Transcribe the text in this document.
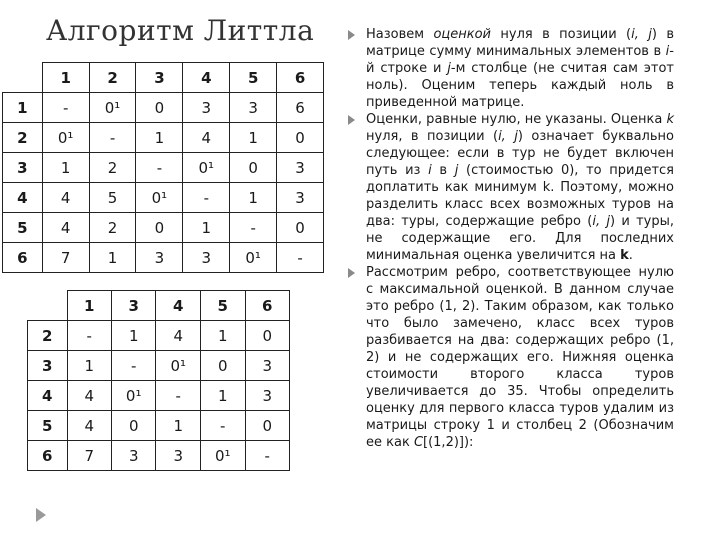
Алгоритм Литтла
	1	2	3	4	5	6
1	-	0¹	0	3	3	6
2	0¹	-	1	4	1	0
3	1	2	-	0¹	0	3
4	4	5	0¹	-	1	3
5	4	2	0	1	-	0
6	7	1	3	3	0¹	-
	1	3	4	5	6
2	-	1	4	1	0
3	1	-	0¹	0	3
4	4	0¹	-	1	3
5	4	0	1	-	0
6	7	3	3	0¹	-
Назовем оценкой нуля в позиции (i, j) в матрице сумму минимальных элементов в i-й строке и j-м столбце (не считая сам этот ноль). Оценим теперь каждый ноль в приведенной матрице.
Оценки, равные нулю, не указаны. Оценка k нуля, в позиции (i, j) означает буквально следующее: если в тур не будет включен путь из i в j (стоимостью 0), то придется доплатить как минимум k. Поэтому, можно разделить класс всех возможных туров на два: туры, содержащие ребро (i, j) и туры, не содержащие его. Для последних минимальная оценка увеличится на k.
Рассмотрим ребро, соответствующее нулю с максимальной оценкой. В данном случае это ребро (1, 2). Таким образом, как только что было замечено, класс всех туров разбивается на два: содержащих ребро (1, 2) и не содержащих его. Нижняя оценка стоимости второго класса туров увеличивается до 35. Чтобы определить оценку для первого класса туров удалим из матрицы строку 1 и столбец 2 (Обозначим ее как C[(1,2)]):
